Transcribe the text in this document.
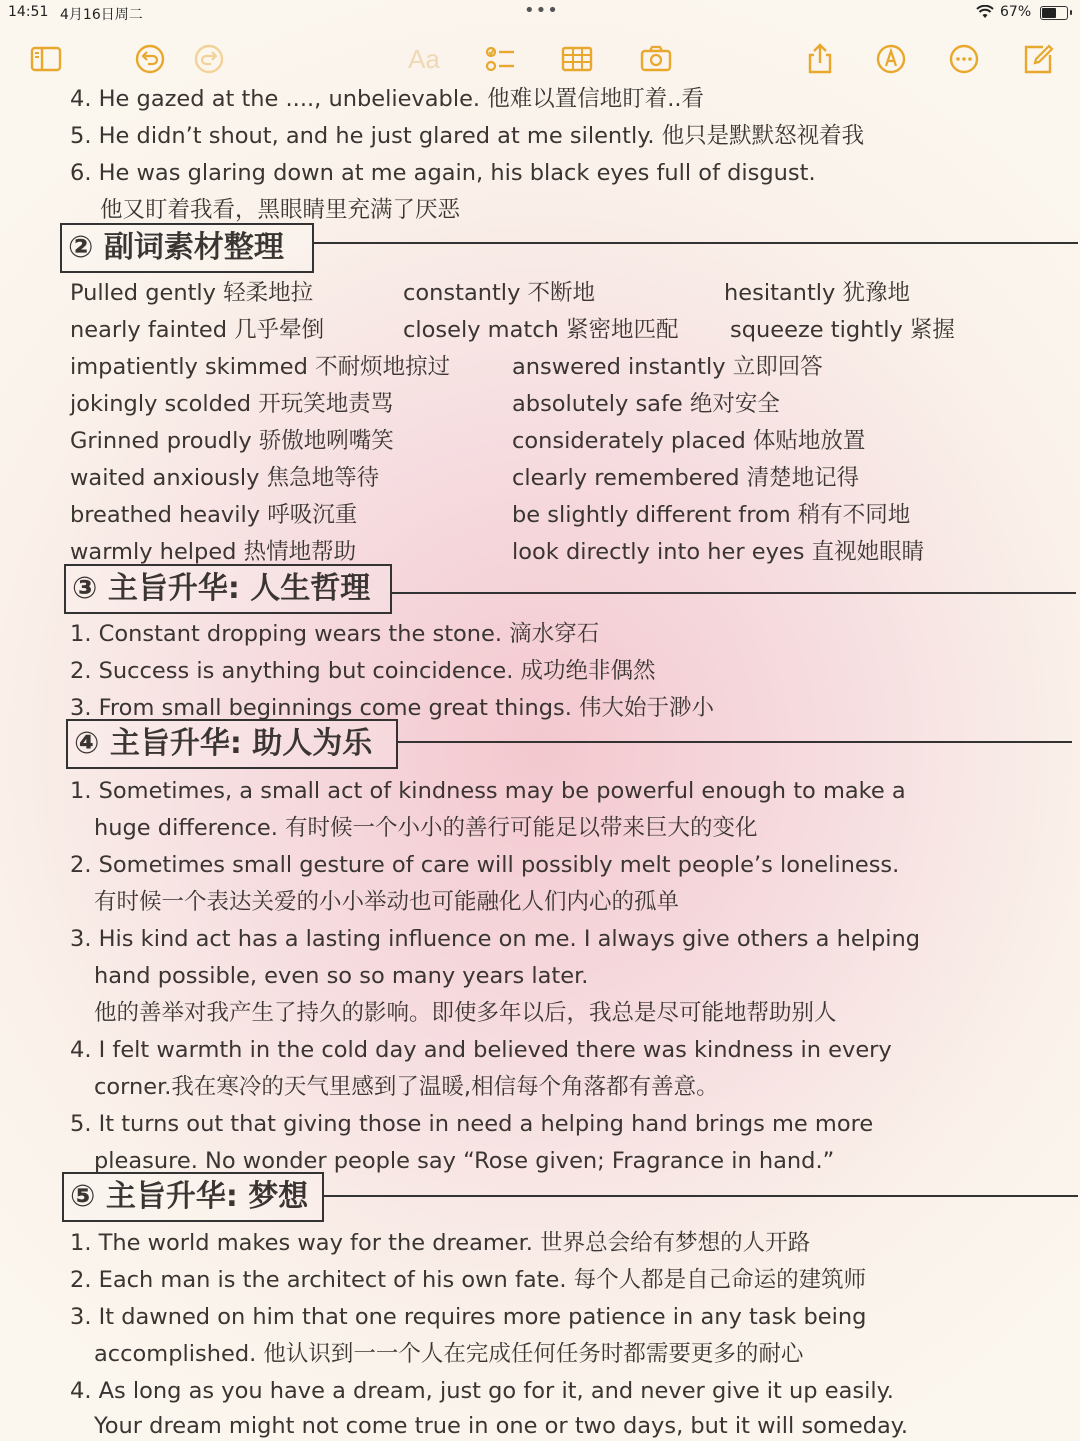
14:51 4月16日周二	•••	67%
Aa
4. He gazed at the ...., unbelievable. 他难以置信地盯着..看
5. He didn’t shout, and he just glared at me silently. 他只是默默怒视着我
6. He was glaring down at me again, his black eyes full of disgust.
他又盯着我看，黑眼睛里充满了厌恶
② 副词素材整理
Pulled gently 轻柔地拉	constantly 不断地	hesitantly 犹豫地
nearly fainted 几乎晕倒	closely match 紧密地匹配 squeeze tightly 紧握
impatiently skimmed 不耐烦地掠过	answered instantly 立即回答
jokingly scolded 开玩笑地责骂	absolutely safe 绝对安全
Grinned proudly 骄傲地咧嘴笑	considerately placed 体贴地放置
waited anxiously 焦急地等待	clearly remembered 清楚地记得
breathed heavily 呼吸沉重	be slightly different from 稍有不同地
warmly helped 热情地帮助	look directly into her eyes 直视她眼睛
③ 主旨升华: 人生哲理
1. Constant dropping wears the stone. 滴水穿石
2. Success is anything but coincidence. 成功绝非偶然
3. From small beginnings come great things. 伟大始于渺小
④ 主旨升华: 助人为乐
1. Sometimes, a small act of kindness may be powerful enough to make a
huge difference. 有时候一个小小的善行可能足以带来巨大的变化
2. Sometimes small gesture of care will possibly melt people’s loneliness.
有时候一个表达关爱的小小举动也可能融化人们内心的孤单
3. His kind act has a lasting influence on me. I always give others a helping
hand possible, even so so many years later.
他的善举对我产生了持久的影响。即使多年以后，我总是尽可能地帮助别人
4. I felt warmth in the cold day and believed there was kindness in every
corner.我在寒冷的天气里感到了温暖,相信每个角落都有善意。
5. It turns out that giving those in need a helping hand brings me more
pleasure. No wonder people say “Rose given; Fragrance in hand.”
⑤ 主旨升华: 梦想
1. The world makes way for the dreamer. 世界总会给有梦想的人开路
2. Each man is the architect of his own fate. 每个人都是自己命运的建筑师
3. It dawned on him that one requires more patience in any task being
accomplished. 他认识到一一个人在完成任何任务时都需要更多的耐心
4. As long as you have a dream, just go for it, and never give it up easily.
Your dream might not come true in one or two days, but it will someday.
